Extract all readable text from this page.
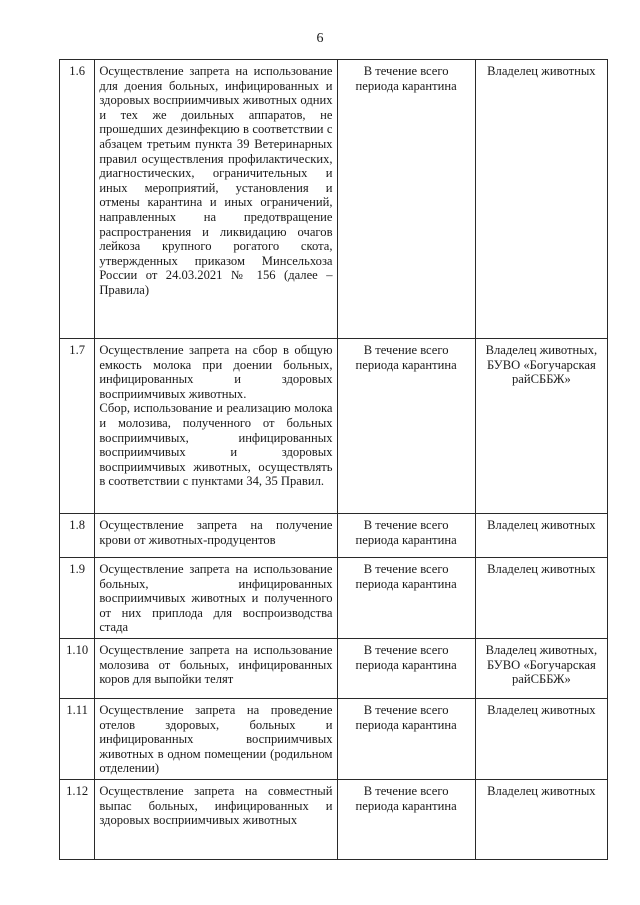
6
1.6	Осуществление запрета на использование для доения больных, инфицированных и здоровых восприимчивых животных одних и тех же доильных аппаратов, не прошедших дезинфекцию в соответствии с абзацем третьим пункта 39 Ветеринарных правил осуществления профилактических, диагностических, ограничительных и иных мероприятий, установления и отмены карантина и иных ограничений, направленных на предотвращение распространения и ликвидацию очагов лейкоза крупного рогатого скота, утвержденных приказом Минсельхоза России от 24.03.2021 № 156 (далее – Правила)	В течение всего периода карантина	Владелец животных
1.7	Осуществление запрета на сбор в общую емкость молока при доении больных, инфицированных и здоровых восприимчивых животных.
Сбор, использование и реализацию молока и молозива, полученного от больных восприимчивых, инфицированных восприимчивых и здоровых восприимчивых животных, осуществлять в соответствии с пунктами 34, 35 Правил.	В течение всего периода карантина	Владелец животных, БУВО «Богучарская райСББЖ»
1.8	Осуществление запрета на получение крови от животных-продуцентов	В течение всего периода карантина	Владелец животных
1.9	Осуществление запрета на использование больных, инфицированных восприимчивых животных и полученного от них приплода для воспроизводства стада	В течение всего периода карантина	Владелец животных
1.10	Осуществление запрета на использование молозива от больных, инфицированных коров для выпойки телят	В течение всего периода карантина	Владелец животных, БУВО «Богучарская райСББЖ»
1.11	Осуществление запрета на проведение отелов здоровых, больных и инфицированных восприимчивых животных в одном помещении (родильном отделении)	В течение всего периода карантина	Владелец животных
1.12	Осуществление запрета на совместный выпас больных, инфицированных и здоровых восприимчивых животных	В течение всего периода карантина	Владелец животных
